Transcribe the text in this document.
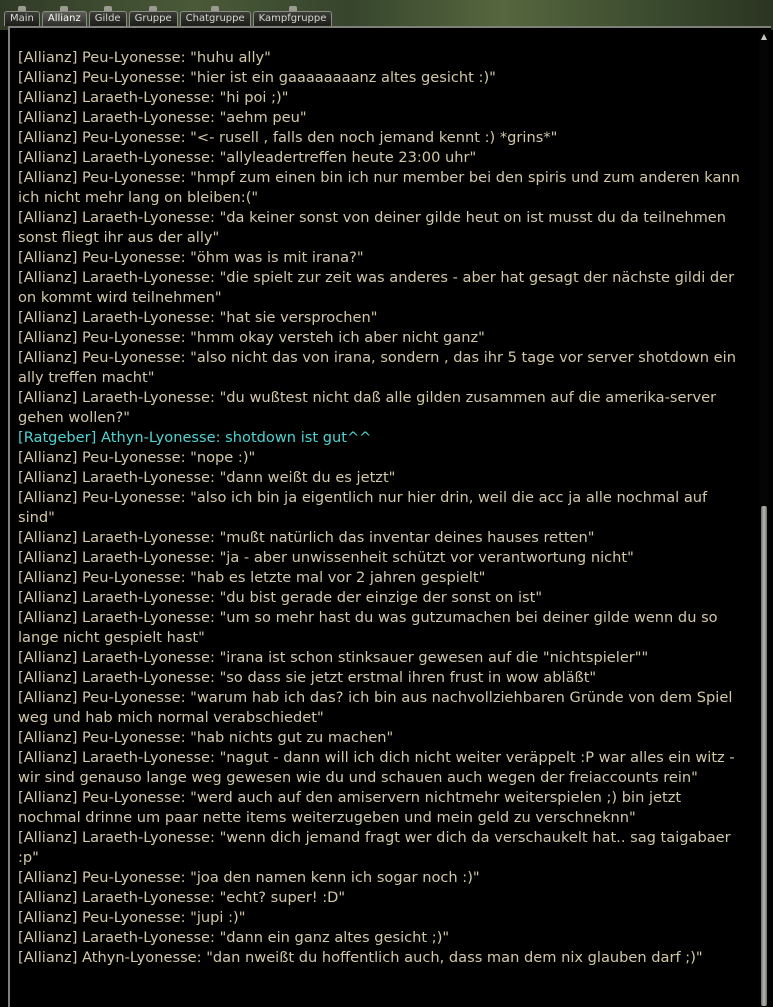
Main	Allianz	Gilde	Gruppe	Chatgruppe	Kampfgruppe

[Allianz] Peu-Lyonesse: "huhu ally"

[Allianz] Peu-Lyonesse: "hier ist ein gaaaaaaaanz altes gesicht :)"

[Allianz] Laraeth-Lyonesse: "hi poi ;)"

[Allianz] Laraeth-Lyonesse: "aehm peu"

[Allianz] Peu-Lyonesse: "<- rusell , falls den noch jemand kennt :) *grins*"

[Allianz] Laraeth-Lyonesse: "allyleadertreffen heute 23:00 uhr"

[Allianz] Peu-Lyonesse: "hmpf zum einen bin ich nur member bei den spiris und zum anderen kann ich nicht mehr lang on bleiben:("

[Allianz] Laraeth-Lyonesse: "da keiner sonst von deiner gilde heut on ist musst du da teilnehmen sonst fliegt ihr aus der ally"

[Allianz] Peu-Lyonesse: "öhm was is mit irana?"

[Allianz] Laraeth-Lyonesse: "die spielt zur zeit was anderes - aber hat gesagt der nächste gildi der on kommt wird teilnehmen"

[Allianz] Laraeth-Lyonesse: "hat sie versprochen"

[Allianz] Peu-Lyonesse: "hmm okay versteh ich aber nicht ganz"

[Allianz] Peu-Lyonesse: "also nicht das von irana, sondern , das ihr 5 tage vor server shotdown ein ally treffen macht"

[Allianz] Laraeth-Lyonesse: "du wußtest nicht daß alle gilden zusammen auf die amerika-server gehen wollen?"

[Ratgeber] Athyn-Lyonesse: shotdown ist gut^^

[Allianz] Peu-Lyonesse: "nope :)"

[Allianz] Laraeth-Lyonesse: "dann weißt du es jetzt"

[Allianz] Peu-Lyonesse: "also ich bin ja eigentlich nur hier drin, weil die acc ja alle nochmal auf sind"

[Allianz] Laraeth-Lyonesse: "mußt natürlich das inventar deines hauses retten"

[Allianz] Laraeth-Lyonesse: "ja - aber unwissenheit schützt vor verantwortung nicht"

[Allianz] Peu-Lyonesse: "hab es letzte mal vor 2 jahren gespielt"

[Allianz] Laraeth-Lyonesse: "du bist gerade der einzige der sonst on ist"

[Allianz] Laraeth-Lyonesse: "um so mehr hast du was gutzumachen bei deiner gilde wenn du so lange nicht gespielt hast"

[Allianz] Laraeth-Lyonesse: "irana ist schon stinksauer gewesen auf die "nichtspieler""

[Allianz] Laraeth-Lyonesse: "so dass sie jetzt erstmal ihren frust in wow abläßt"

[Allianz] Peu-Lyonesse: "warum hab ich das? ich bin aus nachvollziehbaren Gründe von dem Spiel weg und hab mich normal verabschiedet"

[Allianz] Peu-Lyonesse: "hab nichts gut zu machen"

[Allianz] Laraeth-Lyonesse: "nagut - dann will ich dich nicht weiter veräppelt :P war alles ein witz - wir sind genauso lange weg gewesen wie du und schauen auch wegen der freiaccounts rein"

[Allianz] Peu-Lyonesse: "werd auch auf den amiservern nichtmehr weiterspielen ;) bin jetzt nochmal drinne um paar nette items weiterzugeben und mein geld zu verschneknn"

[Allianz] Laraeth-Lyonesse: "wenn dich jemand fragt wer dich da verschaukelt hat.. sag taigabaer :p"

[Allianz] Peu-Lyonesse: "joa den namen kenn ich sogar noch :)"

[Allianz] Laraeth-Lyonesse: "echt? super! :D"

[Allianz] Peu-Lyonesse: "jupi :)"

[Allianz] Laraeth-Lyonesse: "dann ein ganz altes gesicht ;)"

[Allianz] Athyn-Lyonesse: "dan nweißt du hoffentlich auch, dass man dem nix glauben darf ;)"

▲
